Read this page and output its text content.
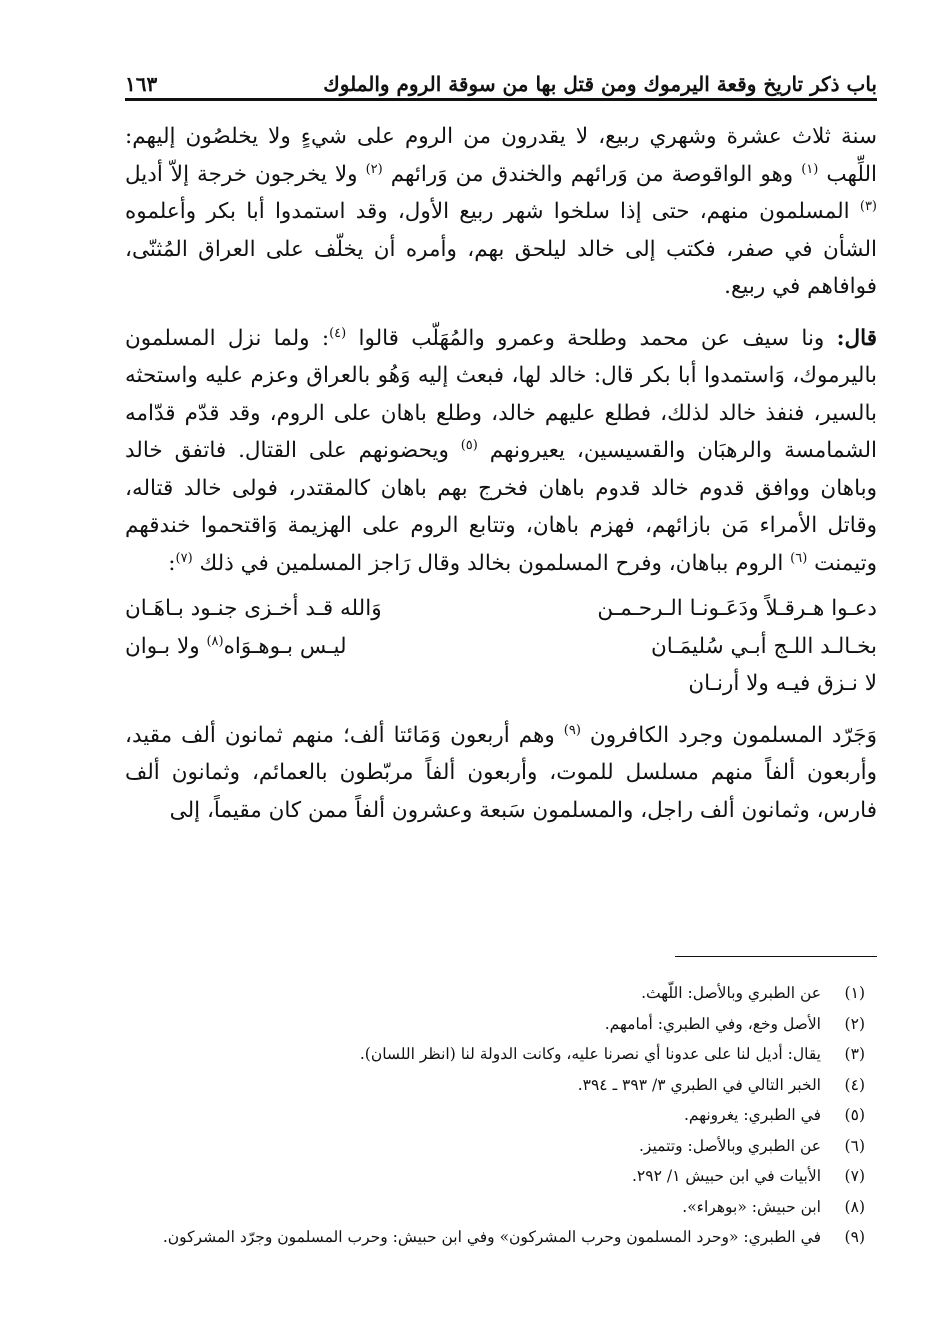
باب ذكر تاريخ وقعة اليرموك ومن قتل بها من سوقة الروم والملوك
١٦٣

سنة ثلاث عشرة وشهري ربيع، لا يقدرون من الروم على شيءٍ ولا يخلصُون إليهم: اللِّهب $^{(١)}$ وهو الواقوصة من وَرائهم والخندق من وَرائهم $^{(٢)}$ ولا يخرجون خرجة إلاّ أديل $^{(٣)}$ المسلمون منهم، حتى إذا سلخوا شهر ربيع الأول، وقد استمدوا أبا بكر وأعلموه الشأن في صفر، فكتب إلى خالد ليلحق بهم، وأمره أن يخلّف على العراق المُثنّى، فوافاهم في ربيع.

قال: ونا سيف عن محمد وطلحة وعمرو والمُهَلّب قالوا $^{(٤)}$: ولما نزل المسلمون باليرموك، وَاستمدوا أبا بكر قال: خالد لها، فبعث إليه وَهُو بالعراق وعزم عليه واستحثه بالسير، فنفذ خالد لذلك، فطلع عليهم خالد، وطلع باهان على الروم، وقد قدّم قدّامه الشمامسة والرهبَان والقسيسين، يعيرونهم $^{(٥)}$ ويحضونهم على القتال. فاتفق خالد وباهان ووافق قدوم خالد قدوم باهان فخرج بهم باهان كالمقتدر، فولى خالد قتاله، وقاتل الأمراء مَن بازائهم، فهزم باهان، وتتابع الروم على الهزيمة وَاقتحموا خندقهم وتيمنت $^{(٦)}$ الروم بباهان، وفرح المسلمون بخالد وقال رَاجز المسلمين في ذلك $^{(٧)}$:

دعـوا هـرقـلاً ودَعَـونـا الـرحـمـن
وَالله قـد أخـزى جنـود بـاهَـان
بخـالـد اللـج أبـي سُليمَـان
ليـس بـوهـوَاه$^{(٨)}$ ولا بـوان
لا نـزق فيـه ولا أرنـان

وَجَرّد المسلمون وجرد الكافرون $^{(٩)}$ وهم أربعون وَمَائتا ألف؛ منهم ثمانون ألف مقيد، وأربعون ألفاً منهم مسلسل للموت، وأربعون ألفاً مربّطون بالعمائم، وثمانون ألف فارس، وثمانون ألف راجل، والمسلمون سَبعة وعشرون ألفاً ممن كان مقيماً، إلى

(١)
عن الطبري وبالأصل: اللّهث.
(٢)
الأصل وخع، وفي الطبري: أمامهم.
(٣)
يقال: أديل لنا على عدونا أي نصرنا عليه، وكانت الدولة لنا (انظر اللسان).
(٤)
الخبر التالي في الطبري ٣/ ٣٩٣ ـ ٣٩٤.
(٥)
في الطبري: يغرونهم.
(٦)
عن الطبري وبالأصل: وتتميز.
(٧)
الأبيات في ابن حبيش ١/ ٢٩٢.
(٨)
ابن حبيش: «بوهراء».
(٩)
في الطبري: «وحرد المسلمون وحرب المشركون» وفي ابن حبيش: وحرب المسلمون وجرّد المشركون.
